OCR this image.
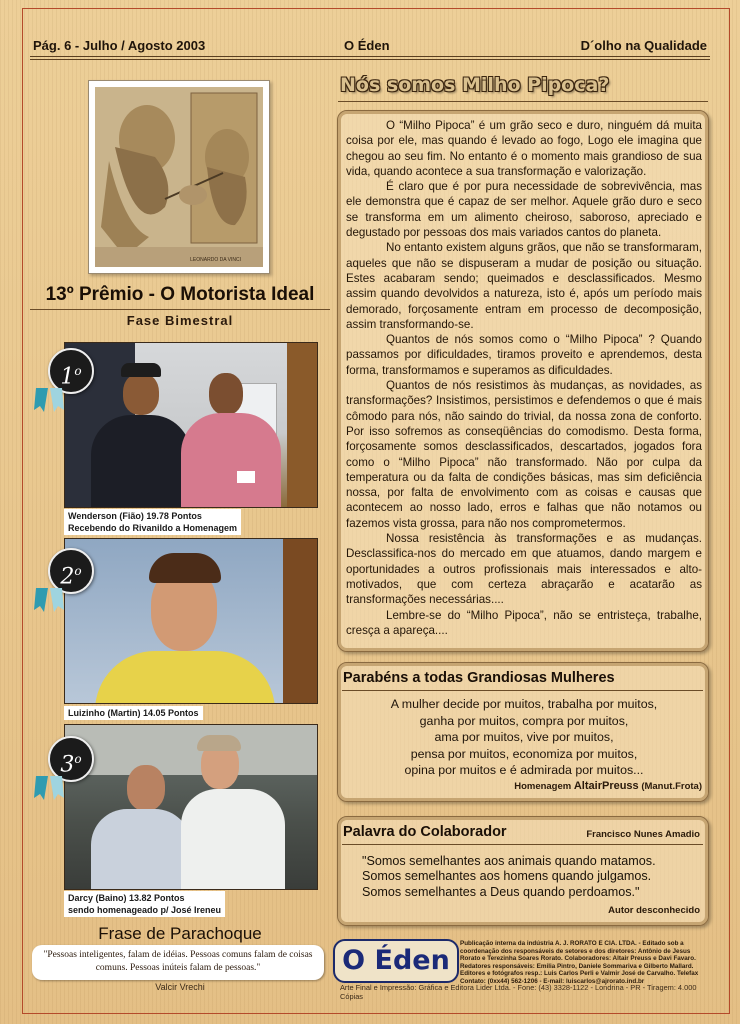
Pág. 6 - Julho / Agosto 2003	O Éden	D´olho na Qualidade
LEONARDO DA VINCI
13º Prêmio - O Motorista Ideal
Fase Bimestral
1$^o$
Wenderson (Fião) 19.78 Pontos
Recebendo do Rivanildo a Homenagem
2$^o$
Luizinho (Martin) 14.05 Pontos
3$^o$
Darcy (Baino) 13.82 Pontos
sendo homenageado p/ José Ireneu
Frase de Parachoque
"Pessoas inteligentes, falam de idéias. Pessoas comuns falam de coisas comuns. Pessoas inúteis falam de pessoas."
Valcir Vrechi
Nós somos Milho Pipoca?

O “Milho Pipoca” é um grão seco e duro, ninguém dá muita coisa por ele, mas quando é levado ao fogo, Logo ele imagina que chegou ao seu fim. No entanto é o momento mais grandioso de sua vida, quando acontece a sua transformação e valorização.

É claro que é por pura necessidade de sobrevivência, mas ele demonstra que é capaz de ser melhor. Aquele grão duro e seco se transforma em um alimento cheiroso, saboroso, apreciado e degustado por pessoas dos mais variados cantos do planeta.

No entanto existem alguns grãos, que não se transformaram, aqueles que não se dispuseram a mudar de posição ou situação. Estes acabaram sendo; queimados e desclassificados. Mesmo assim quando devolvidos a natureza, isto é, após um período mais demorado, forçosamente entram em processo de decomposição, assim transformando-se.

Quantos de nós somos como o “Milho Pipoca” ? Quando passamos por dificuldades, tiramos proveito e aprendemos, desta forma, transformamos e superamos as dificuldades.

Quantos de nós resistimos às mudanças, as novidades, as transformações? Insistimos, persistimos e defendemos o que é mais cômodo para nós, não saindo do trivial, da nossa zona de conforto. Por isso sofremos as conseqüências do comodismo. Desta forma, forçosamente somos desclassificados, descartados, jogados fora como o “Milho Pipoca” não transformado. Não por culpa da temperatura ou da falta de condições básicas, mas sim deficiência nossa, por falta de envolvimento com as coisas e causas que acontecem ao nosso lado, erros e falhas que não notamos ou fazemos vista grossa, para não nos comprometermos.

Nossa resistência às transformações e as mudanças. Desclassifica-nos do mercado em que atuamos, dando margem e oportunidades a outros profissionais mais interessados e alto-motivados, que com certeza abraçarão e acatarão as transformações necessárias....

Lembre-se do “Milho Pipoca”, não se entristeça, trabalhe, cresça a apareça....

Parabéns a todas Grandiosas Mulheres
A mulher decide por muitos, trabalha por muitos,
ganha por muitos, compra por muitos,
ama por muitos, vive por muitos,
pensa por muitos, economiza por muitos,
opina por muitos e é admirada por muitos...
Homenagem AltairPreuss (Manut.Frota)
Palavra do Colaborador	Francisco Nunes Amadio
"Somos semelhantes aos animais quando matamos.
Somos semelhantes aos homens quando julgamos.
Somos semelhantes a Deus quando perdoamos."
Autor desconhecido
O Éden
Publicação interna da indústria A. J. RORATO E CIA. LTDA. - Editado sob a coordenação dos responsáveis de setores e dos diretores: Antônio de Jesus Rorato e Terezinha Soares Rorato. Colaboradores: Altair Preuss e Davi Favaro. Redatores responsáveis: Emilia Pintro, Daniele Sommariva e Gilberto Mallard. Editores e fotógrafos resp.: Luis Carlos Perli e Valmir José de Carvalho. Telefax Contato: (0xx44) 562-1206 - E-mail: luiscarlos@ajrorato.ind.br
Arte Final e Impressão: Gráfica e Editora Lider Ltda. - Fone: (43) 3328-1122 - Londrina - PR - Tiragem: 4.000 Cópias
